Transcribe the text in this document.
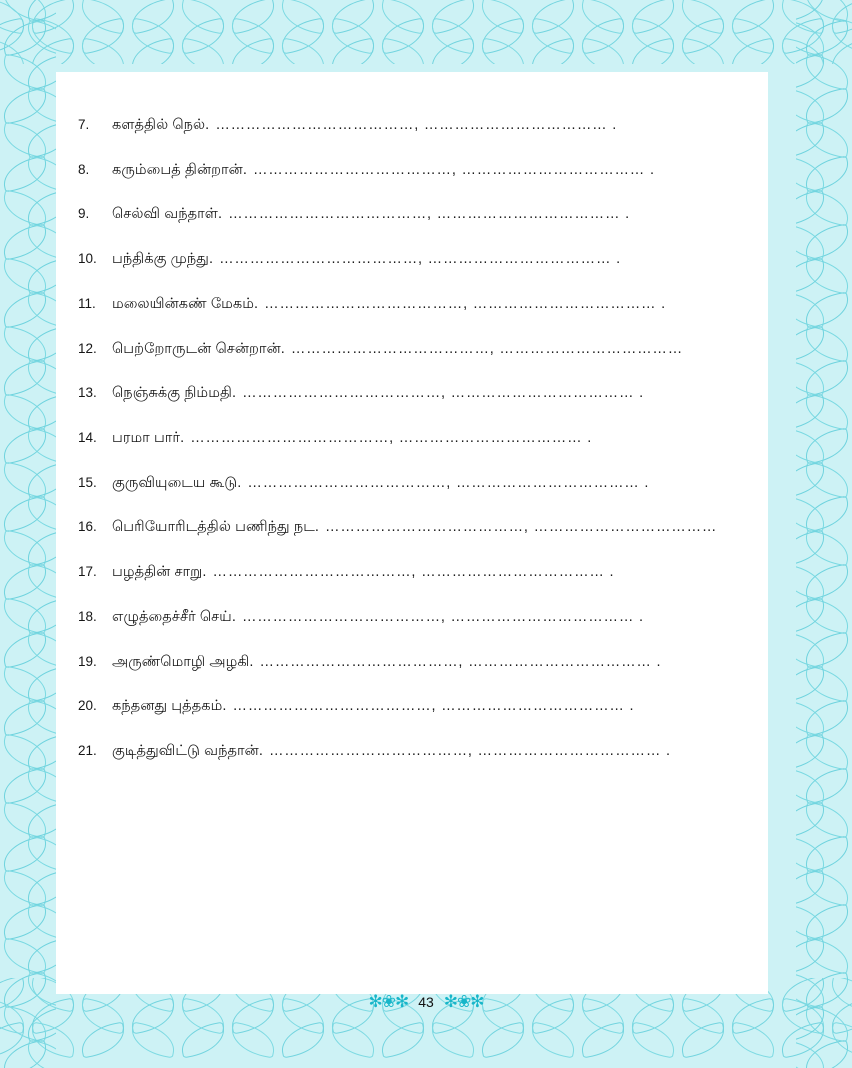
7.	களத்தில் நெல். …………………………………, ……………………………… .
8.	கரும்பைத் தின்றான். …………………………………, ……………………………… .
9.	செல்வி வந்தாள். …………………………………, ……………………………… .
10.	பந்திக்கு முந்து. …………………………………, ……………………………… .
11.	மலையின்கண் மேகம். …………………………………, ……………………………… .
12.	பெற்றோருடன் சென்றான். …………………………………, ………………………………
13.	நெஞ்சுக்கு நிம்மதி. …………………………………, ……………………………… .
14.	பரமா பார். …………………………………, ……………………………… .
15.	குருவியுடைய கூடு. …………………………………, ……………………………… .
16.	பெரியோரிடத்தில் பணிந்து நட. …………………………………, ………………………………
17.	பழத்தின் சாறு. …………………………………, ……………………………… .
18.	எழுத்தைச்சீர் செய். …………………………………, ……………………………… .
19.	அருண்மொழி அழகி. …………………………………, ……………………………… .
20.	கந்தனது புத்தகம். …………………………………, ……………………………… .
21.	குடித்துவிட்டு வந்தான். …………………………………, ……………………………… .
✻❀✻ 43 ✻❀✻
